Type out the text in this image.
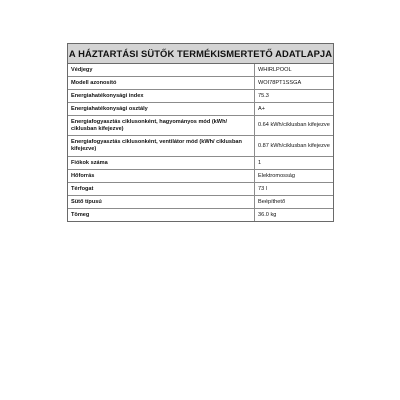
A HÁZTARTÁSI SÜTŐK TERMÉKISMERTETŐ ADATLAPJA
Védjegy	WHIRLPOOL
Modell azonosító	WOI78PT1SSGA
Energiahatékonysági index	75.3
Energiahatékonysági osztály	A+
Energiafogyasztás ciklusonként, hagyományos mód (kWh/ ciklusban kifejezve)	0.64 kWh/ciklusban kifejezve
Energiafogyasztás ciklusonként, ventilátor mód (kWh/ ciklusban kifejezve)	0.87 kWh/ciklusban kifejezve
Fiókok száma	1
Hőforrás	Elektromosság
Térfogat	73 l
Sütő típusú	Beépíthető
Tömeg	36.0 kg
